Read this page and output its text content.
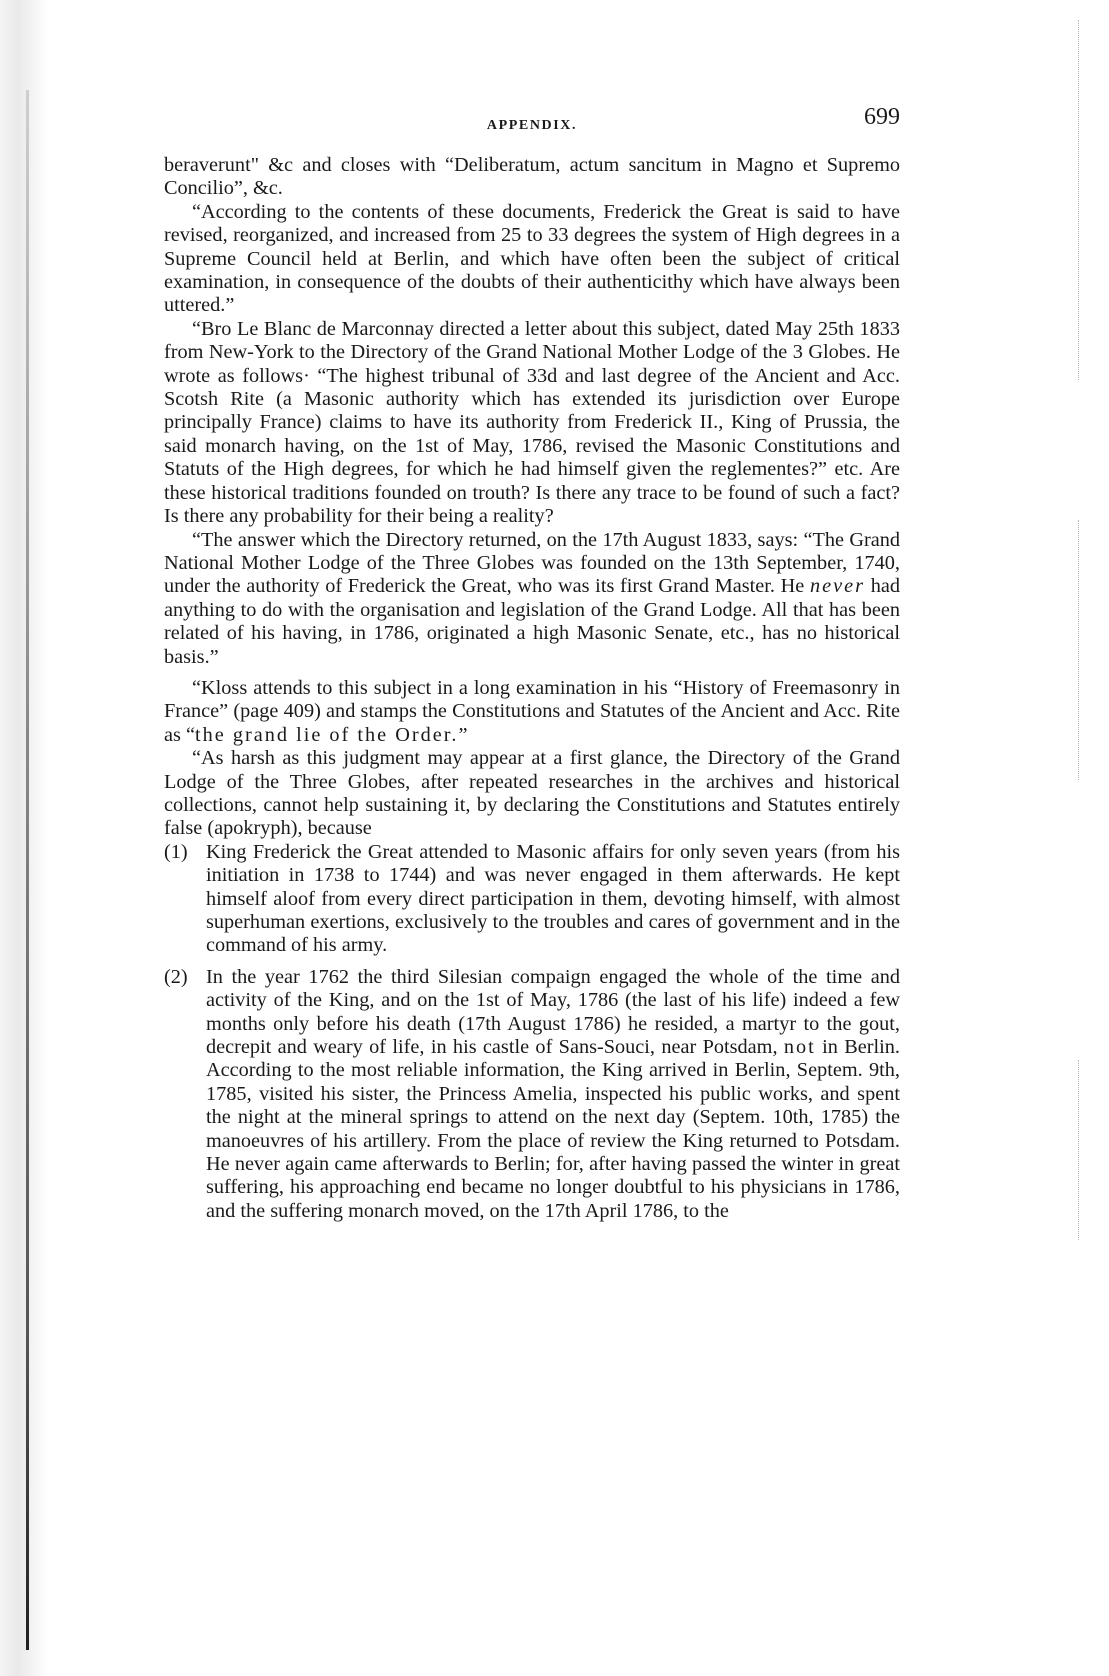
APPENDIX.	699

beraverunt" &c and closes with “Deliberatum, actum sancitum in Magno et Supremo Concilio”, &c.

“According to the contents of these documents, Frederick the Great is said to have revised, reorganized, and increased from 25 to 33 degrees the system of High degrees in a Supreme Council held at Berlin, and which have often been the subject of critical examination, in consequence of the doubts of their authenticithy which have always been uttered.”

“Bro Le Blanc de Marconnay directed a letter about this subject, dated May 25th 1833 from New-York to the Directory of the Grand National Mother Lodge of the 3 Globes. He wrote as follows· “The highest tribunal of 33d and last degree of the Ancient and Acc. Scotsh Rite (a Masonic authority which has extended its jurisdiction over Europe principally France) claims to have its authority from Frederick II., King of Prussia, the said monarch having, on the 1st of May, 1786, revised the Masonic Constitutions and Statuts of the High degrees, for which he had himself given the reglementes?” etc. Are these historical traditions founded on trouth? Is there any trace to be found of such a fact? Is there any probability for their being a reality?

“The answer which the Directory returned, on the 17th August 1833, says: “The Grand National Mother Lodge of the Three Globes was founded on the 13th September, 1740, under the authority of Frederick the Great, who was its first Grand Master. He never had anything to do with the organisation and legislation of the Grand Lodge. All that has been related of his having, in 1786, originated a high Masonic Senate, etc., has no historical basis.”

“Kloss attends to this subject in a long examination in his “History of Freemasonry in France” (page 409) and stamps the Constitutions and Statutes of the Ancient and Acc. Rite as “the grand lie of the Order.”

“As harsh as this judgment may appear at a first glance, the Directory of the Grand Lodge of the Three Globes, after repeated researches in the archives and historical collections, cannot help sustaining it, by declaring the Constitutions and Statutes entirely false (apokryph), because

(1) King Frederick the Great attended to Masonic affairs for only seven years (from his initiation in 1738 to 1744) and was never engaged in them afterwards. He kept himself aloof from every direct participation in them, devoting himself, with almost superhuman exertions, exclusively to the troubles and cares of government and in the command of his army.

(2) In the year 1762 the third Silesian compaign engaged the whole of the time and activity of the King, and on the 1st of May, 1786 (the last of his life) indeed a few months only before his death (17th August 1786) he resided, a martyr to the gout, decrepit and weary of life, in his castle of Sans-Souci, near Potsdam, not in Berlin. According to the most reliable information, the King arrived in Berlin, Septem. 9th, 1785, visited his sister, the Princess Amelia, inspected his public works, and spent the night at the mineral springs to attend on the next day (Septem. 10th, 1785) the manoeuvres of his artillery. From the place of review the King returned to Potsdam. He never again came afterwards to Berlin; for, after having passed the winter in great suffering, his approaching end became no longer doubtful to his physicians in 1786, and the suffering monarch moved, on the 17th April 1786, to the
